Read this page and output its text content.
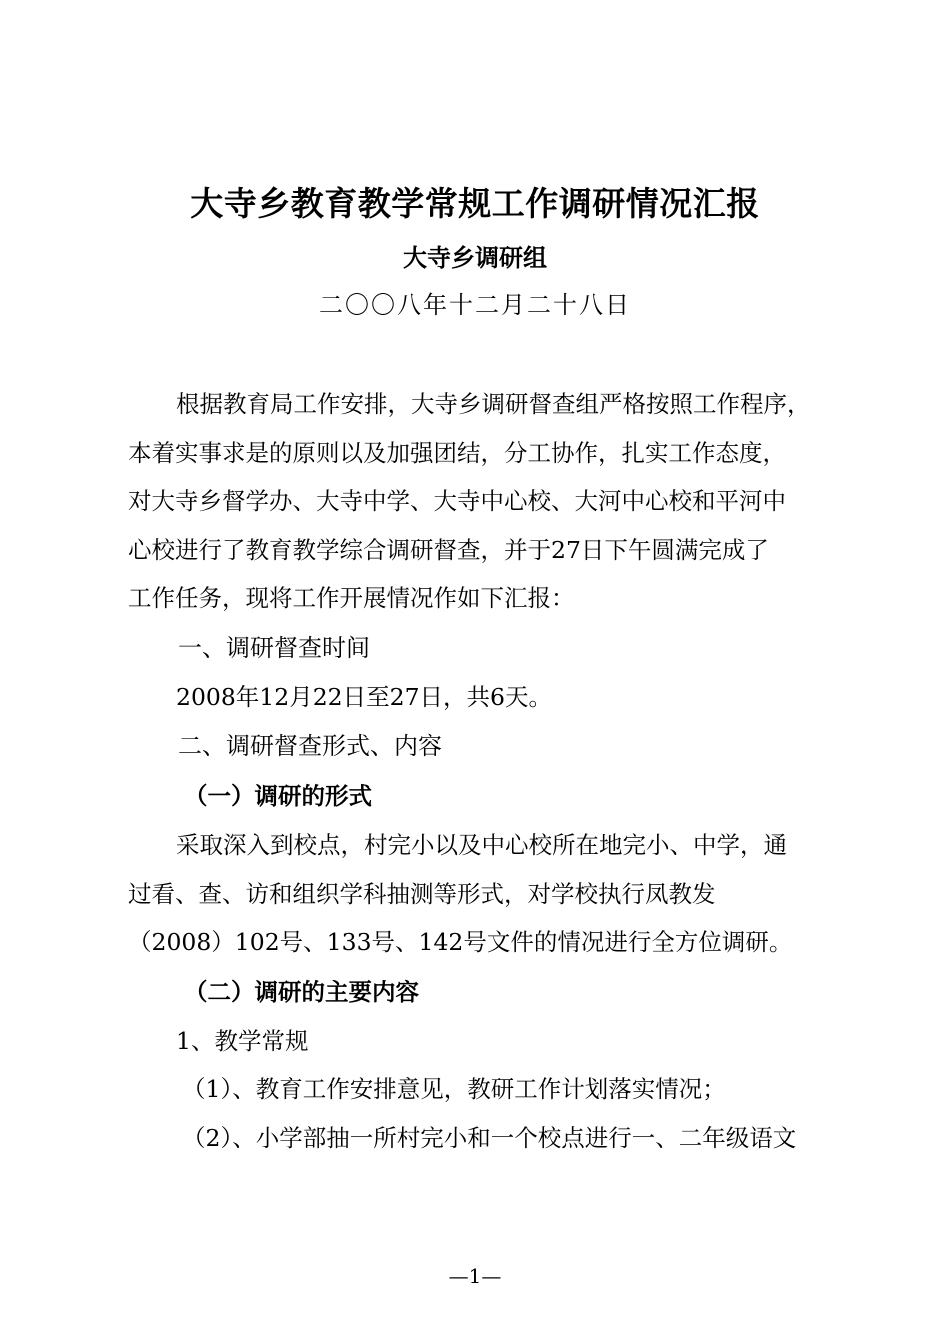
大寺乡教育教学常规工作调研情况汇报
大寺乡调研组
二〇〇八年十二月二十八日

根据教育局工作安排，大寺乡调研督查组严格按照工作程序，

本着实事求是的原则以及加强团结，分工协作，扎实工作态度，

对大寺乡督学办、大寺中学、大寺中心校、大河中心校和平河中

心校进行了教育教学综合调研督查，并于27日下午圆满完成了

工作任务，现将工作开展情况作如下汇报：

一、调研督查时间

2008年12月22日至27日，共6天。

二、调研督查形式、内容

（一）调研的形式

采取深入到校点，村完小以及中心校所在地完小、中学，通

过看、查、访和组织学科抽测等形式，对学校执行凤教发

（2008）102号、133号、142号文件的情况进行全方位调研。

（二）调研的主要内容

1、教学常规

（1）、教育工作安排意见，教研工作计划落实情况；

（2）、小学部抽一所村完小和一个校点进行一、二年级语文

—1—
